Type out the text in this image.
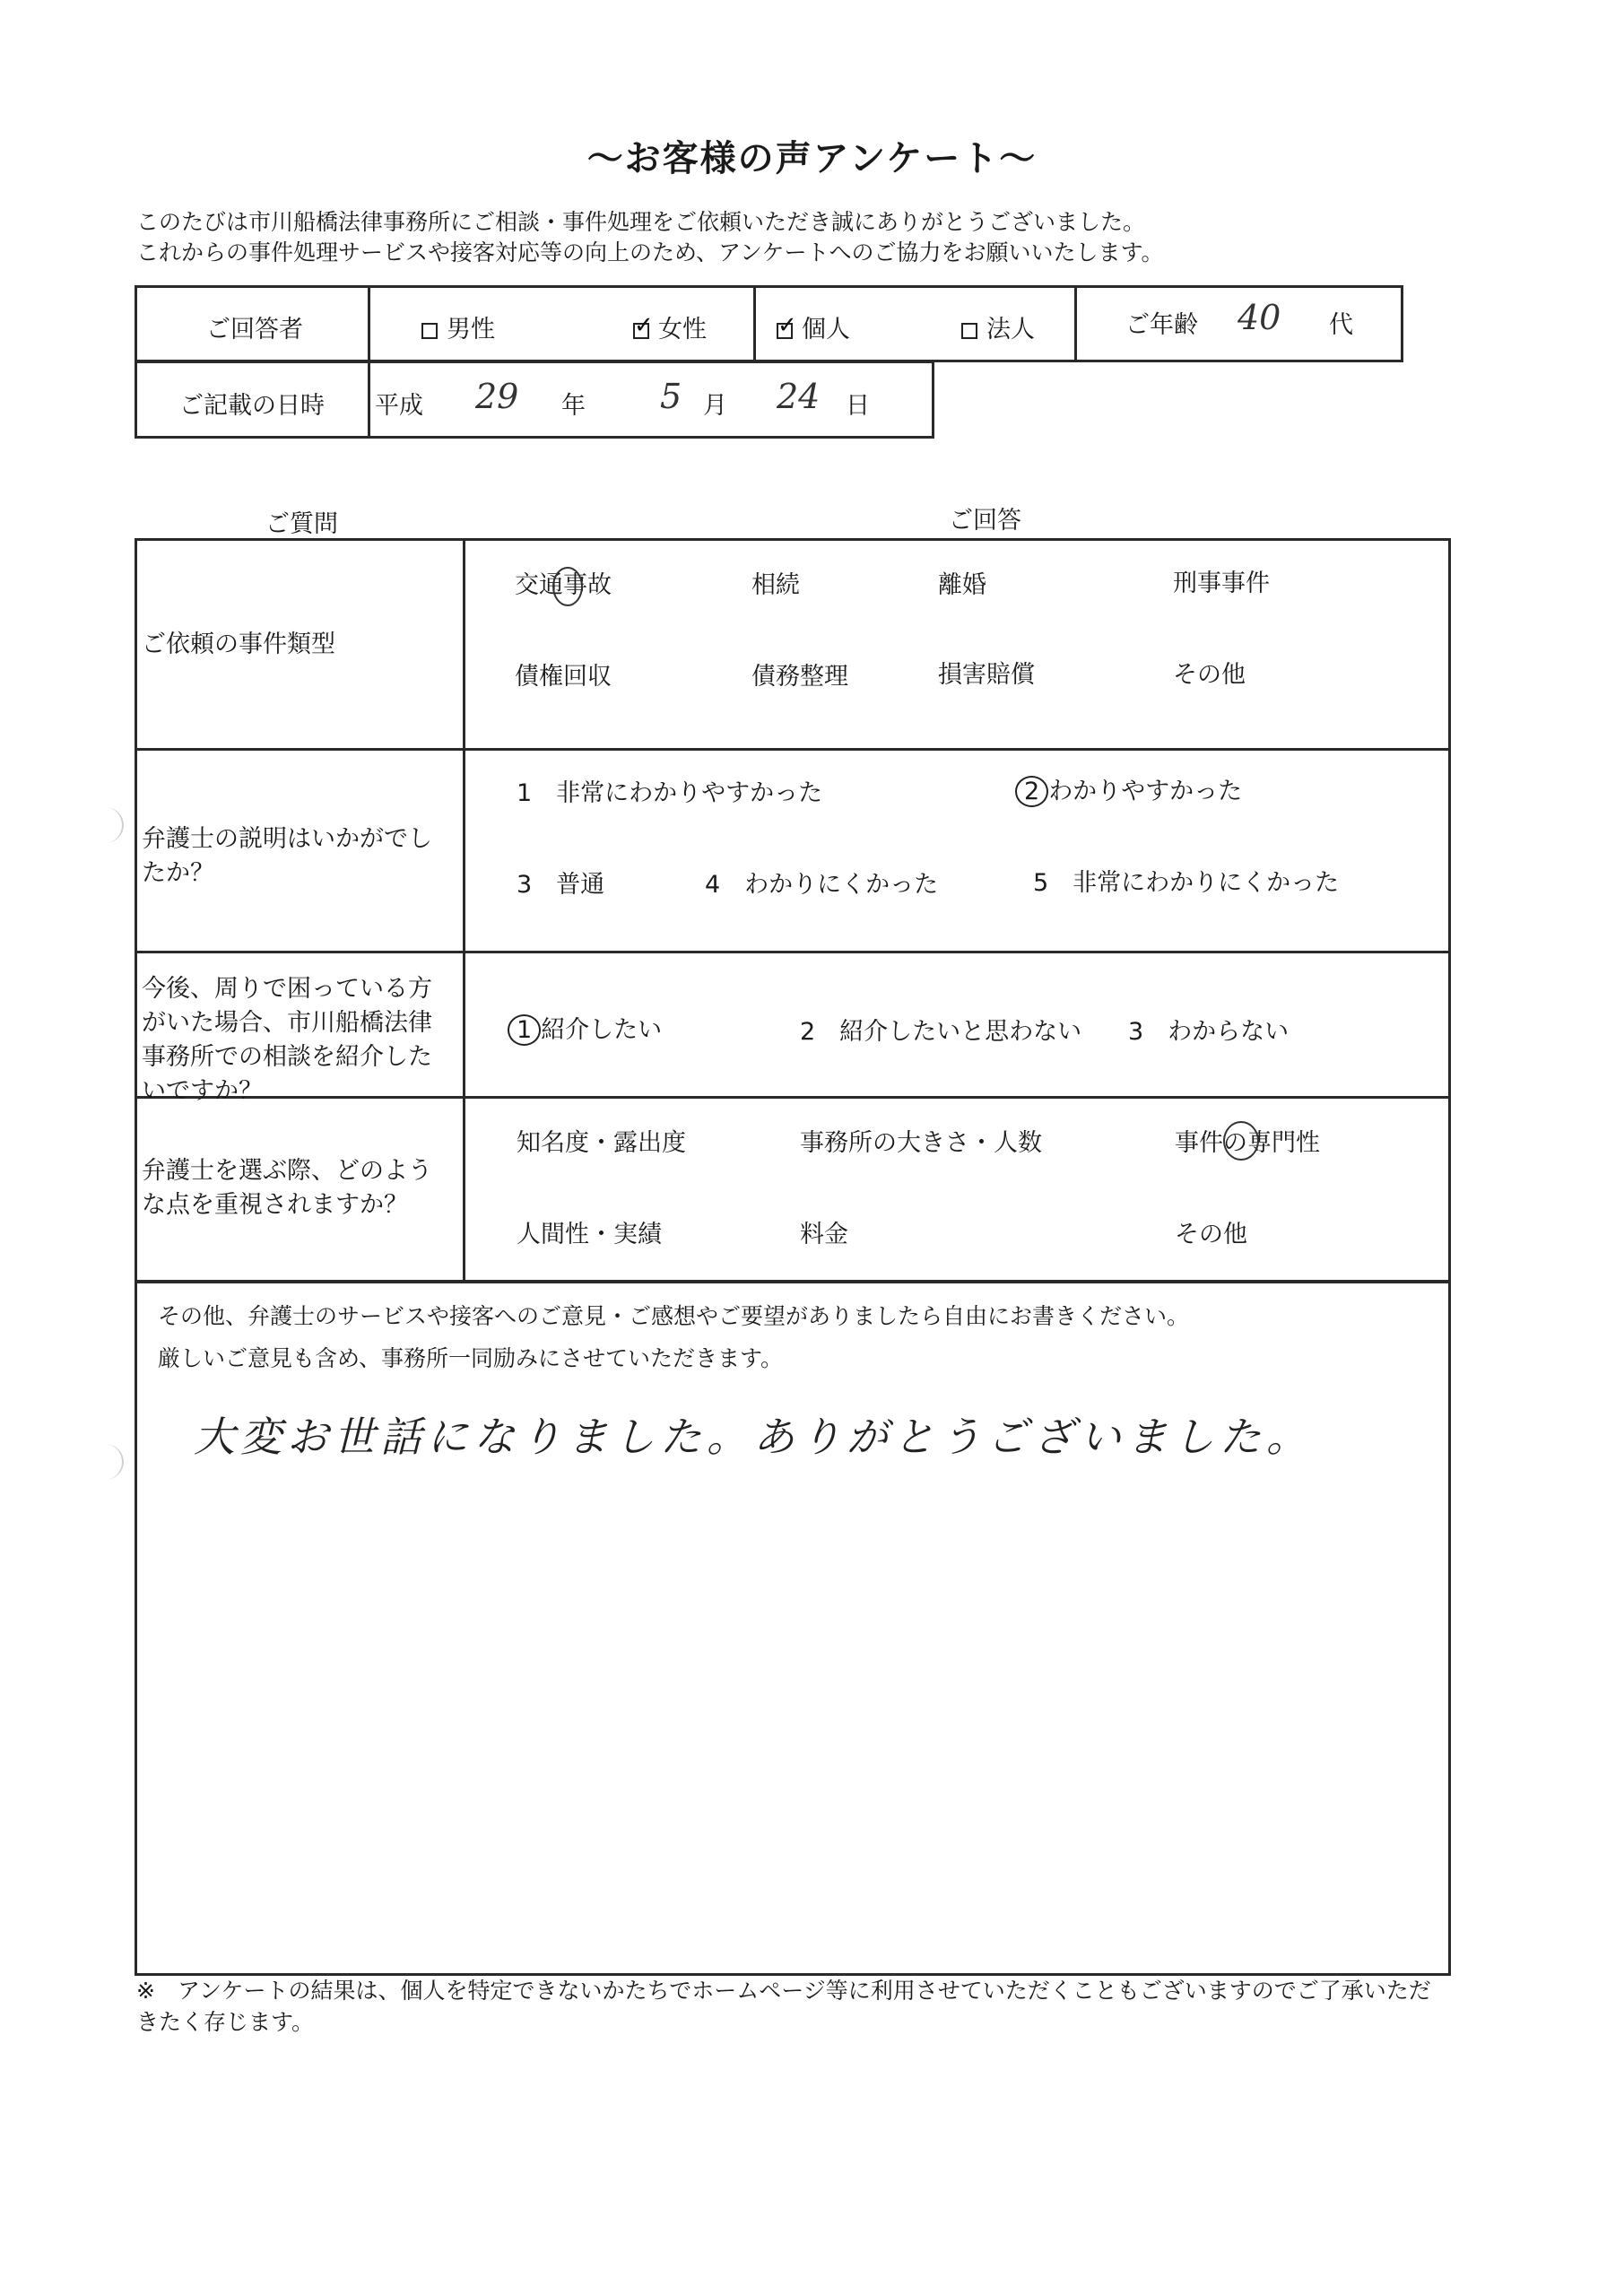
～お客様の声アンケート～
このたびは市川船橋法律事務所にご相談・事件処理をご依頼いただき誠にありがとうございました。
これからの事件処理サービスや接客対応等の向上のため、アンケートへのご協力をお願いいたします。
ご回答者	男性 ✓	女性 ✓	個人	法人	ご年齢 40 代
ご記載の日時 平成 29 年 5 月 24 日
ご質問	ご回答
ご依頼の事件類型
交通事故	相続	離婚	刑事事件
債権回収	債務整理	損害賠償	その他
弁護士の説明はいかがでしたか？
1　非常にわかりやすかった	2 わかりやすかった
3　普通	4　わかりにくかった	5　非常にわかりにくかった
今後、周りで困っている方がいた場合、市川船橋法律事務所での相談を紹介したいですか？
1 紹介したい	2　紹介したいと思わない 3　わからない
弁護士を選ぶ際、どのような点を重視されますか？
知名度・露出度	事務所の大きさ・人数	事件の専門性
人間性・実績	料金	その他
その他、弁護士のサービスや接客へのご意見・ご感想やご要望がありましたら自由にお書きください。
厳しいご意見も含め、事務所一同励みにさせていただきます。
大変お世話になりました。ありがとうございました。
※　アンケートの結果は、個人を特定できないかたちでホームページ等に利用させていただくこともございますのでご了承いただ
きたく存じます。
